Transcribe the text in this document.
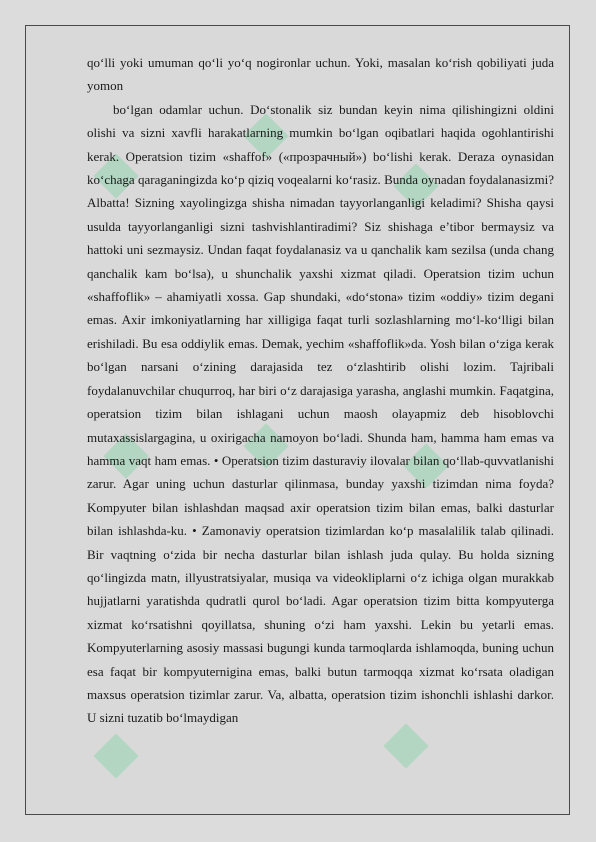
qo‘lli yoki umuman qo‘li yo‘q nogironlar uchun. Yoki, masalan ko‘rish qobiliyati juda yomon

bo‘lgan odamlar uchun. Do‘stonalik siz bundan keyin nima qilishingizni oldini olishi va sizni xavfli harakatlarning mumkin bo‘lgan oqibatlari haqida ogohlantirishi kerak. Operatsion tizim «shaffof» («прозрачный») bo‘lishi kerak. Deraza oynasidan ko‘chaga qaraganingizda ko‘p qiziq voqealarni ko‘rasiz. Bunda oynadan foydalanasizmi? Albatta! Sizning xayolingizga shisha nimadan tayyorlanganligi keladimi? Shisha qaysi usulda tayyorlanganligi sizni tashvishlantiradimi? Siz shishaga e’tibor bermaysiz va hattoki uni sezmaysiz. Undan faqat foydalanasiz va u qanchalik kam sezilsa (unda chang qanchalik kam bo‘lsa), u shunchalik yaxshi xizmat qiladi. Operatsion tizim uchun «shaffoflik» – ahamiyatli xossa. Gap shundaki, «do‘stona» tizim «oddiy» tizim degani emas. Axir imkoniyatlarning har xilligiga faqat turli sozlashlarning mo‘l-ko‘lligi bilan erishiladi. Bu esa oddiylik emas. Demak, yechim «shaffoflik»da. Yosh bilan o‘ziga kerak bo‘lgan narsani o‘zining darajasida tez o‘zlashtirib olishi lozim. Tajribali foydalanuvchilar chuqurroq, har biri o‘z darajasiga yarasha, anglashi mumkin. Faqatgina, operatsion tizim bilan ishlagani uchun maosh olayapmiz deb hisoblovchi mutaxassislargagina, u oxirigacha namoyon bo‘ladi. Shunda ham, hamma ham emas va hamma vaqt ham emas. • Operatsion tizim dasturaviy ilovalar bilan qo‘llab-quvvatlanishi zarur. Agar uning uchun dasturlar qilinmasa, bunday yaxshi tizimdan nima foyda? Kompyuter bilan ishlashdan maqsad axir operatsion tizim bilan emas, balki dasturlar bilan ishlashda-ku. • Zamonaviy operatsion tizimlardan ko‘p masalalilik talab qilinadi. Bir vaqtning o‘zida bir necha dasturlar bilan ishlash juda qulay. Bu holda sizning qo‘lingizda matn, illyustratsiyalar, musiqa va videokliplarni o‘z ichiga olgan murakkab hujjatlarni yaratishda qudratli qurol bo‘ladi. Agar operatsion tizim bitta kompyuterga xizmat ko‘rsatishni qoyillatsa, shuning o‘zi ham yaxshi. Lekin bu yetarli emas. Kompyuterlarning asosiy massasi bugungi kunda tarmoqlarda ishlamoqda, buning uchun esa faqat bir kompyuternigina emas, balki butun tarmoqqa xizmat ko‘rsata oladigan maxsus operatsion tizimlar zarur. Va, albatta, operatsion tizim ishonchli ishlashi darkor. U sizni tuzatib bo‘lmaydigan
